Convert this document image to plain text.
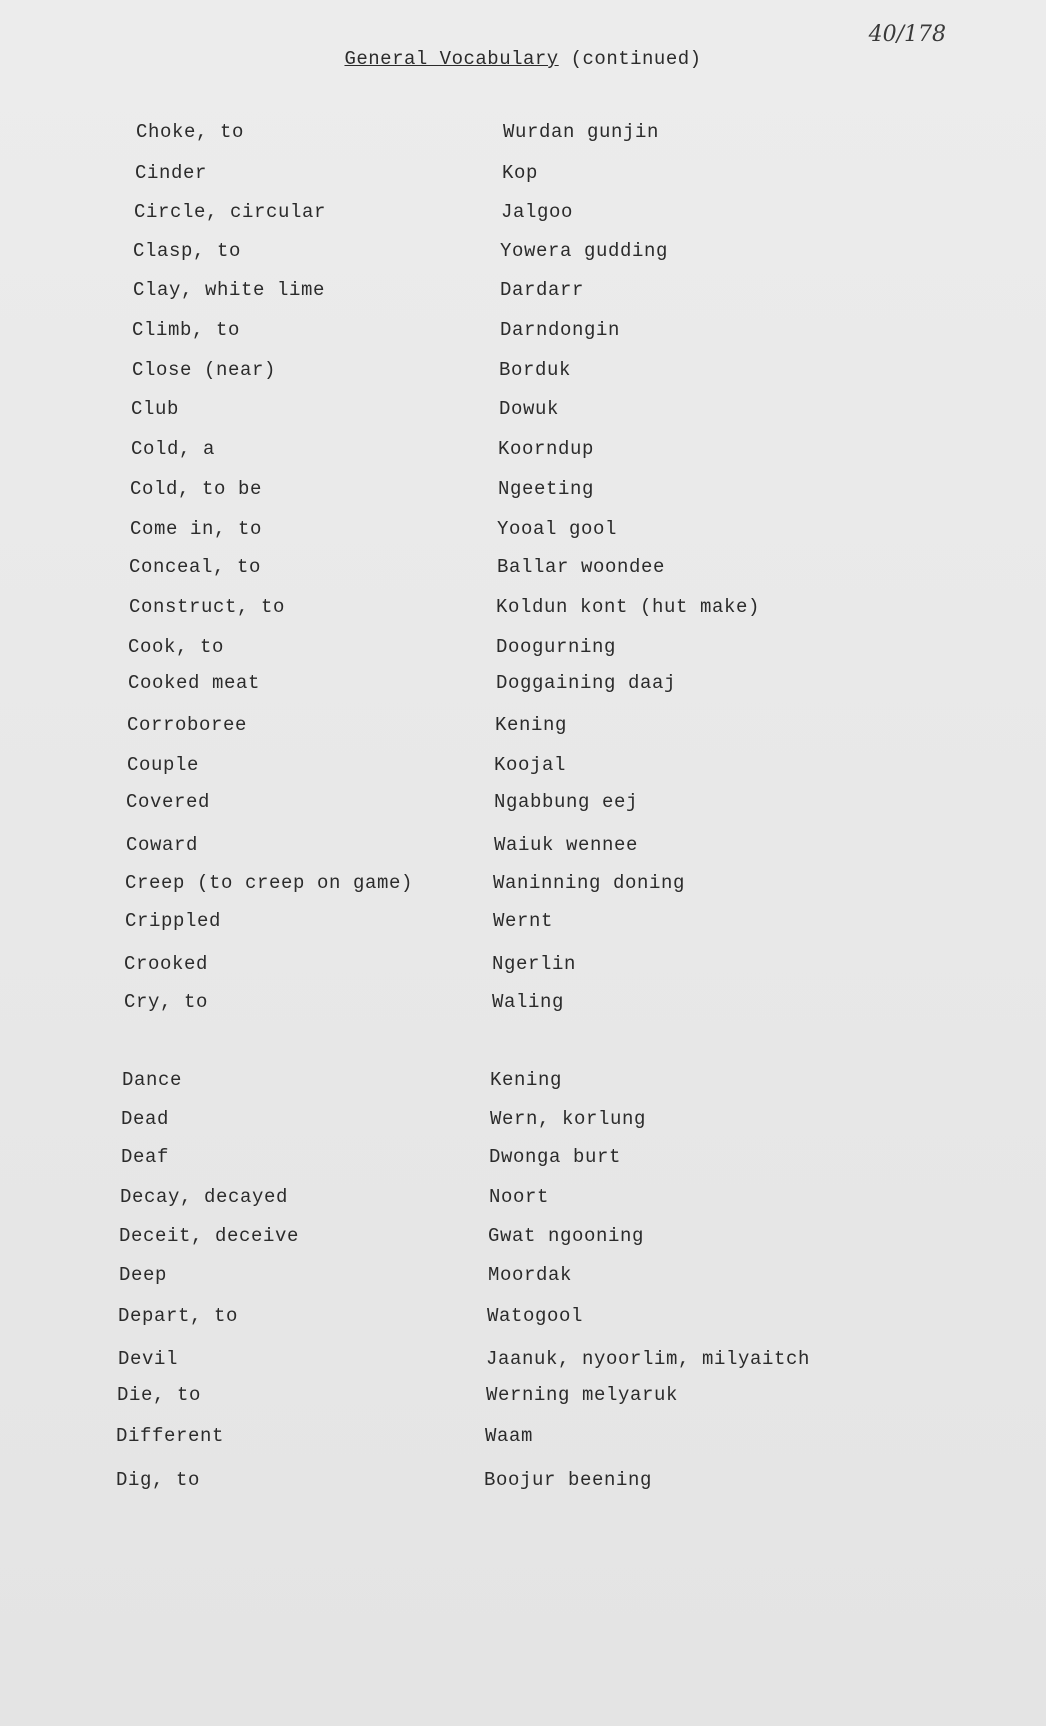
40/178
General Vocabulary (continued)
Choke, to	Wurdan gunjin
Cinder	Kop
Circle, circular	Jalgoo
Clasp, to	Yowera gudding
Clay, white lime	Dardarr
Climb, to	Darndongin
Close (near)	Borduk
Club	Dowuk
Cold, a	Koorndup
Cold, to be	Ngeeting
Come in, to	Yooal gool
Conceal, to	Ballar woondee
Construct, to	Koldun kont (hut make)
Cook, to	Doogurning
Cooked meat	Doggaining daaj
Corroboree	Kening
Couple	Koojal
Covered	Ngabbung eej
Coward	Waiuk wennee
Creep (to creep on game)	Waninning doning
Crippled	Wernt
Crooked	Ngerlin
Cry, to	Waling
Dance	Kening
Dead	Wern, korlung
Deaf	Dwonga burt
Decay, decayed	Noort
Deceit, deceive	Gwat ngooning
Deep	Moordak
Depart, to	Watogool
Devil	Jaanuk, nyoorlim, milyaitch
Die, to	Werning melyaruk
Different	Waam
Dig, to	Boojur beening
